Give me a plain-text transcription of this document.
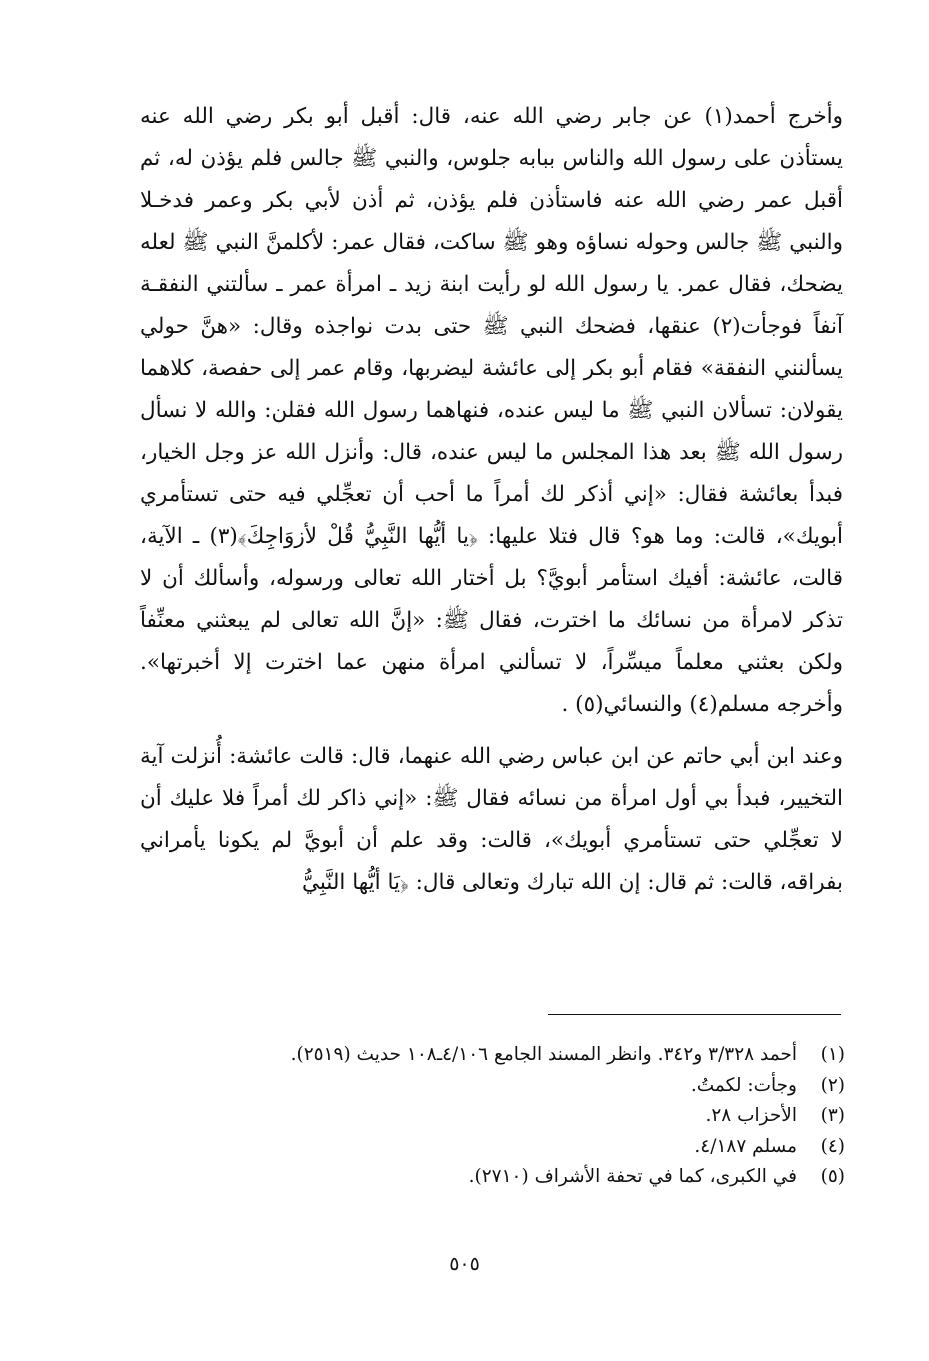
وأخرج أحمد(١) عن جابر رضي الله عنه، قال: أقبل أبو بكر رضي الله عنه يستأذن على رسول الله والناس ببابه جلوس، والنبي ﷺ جالس فلم يؤذن له، ثم أقبل عمر رضي الله عنه فاستأذن فلم يؤذن، ثم أذن لأبي بكر وعمر فدخـلا والنبي ﷺ جالس وحوله نساؤه وهو ﷺ ساكت، فقال عمر: لأكلمنَّ النبي ﷺ لعله يضحك، فقال عمر. يا رسول الله لو رأيت ابنة زيد ـ امرأة عمر ـ سألتني النفقـة آنفاً فوجأت(٢) عنقها، فضحك النبي ﷺ حتى بدت نواجذه وقال: «هنَّ حولي يسألنني النفقة» فقام أبو بكر إلى عائشة ليضربها، وقام عمر إلى حفصة، كلاهما يقولان: تسألان النبي ﷺ ما ليس عنده، فنهاهما رسول الله فقلن: والله لا نسأل رسول الله ﷺ بعد هذا المجلس ما ليس عنده، قال: وأنزل الله عز وجل الخيار، فبدأ بعائشة فقال: «إني أذكر لك أمراً ما أحب أن تعجِّلي فيه حتى تستأمري أبويك»، قالت: وما هو؟ قال فتلا عليها: ﴿يا أيُّها النَّبِيُّ قُلْ لأزوَاجِكَ﴾(٣) ـ الآية، قالت، عائشة: أفيك استأمر أبويَّ؟ بل أختار الله تعالى ورسوله، وأسألك أن لا تذكر لامرأة من نسائك ما اخترت، فقال ﷺ: «إنَّ الله تعالى لم يبعثني معنِّفاً ولكن بعثني معلماً ميسِّراً، لا تسألني امرأة منهن عما اخترت إلا أخبرتها». وأخرجه مسلم(٤) والنسائي(٥) .

وعند ابن أبي حاتم عن ابن عباس رضي الله عنهما، قال: قالت عائشة: أُنزلت آية التخيير، فبدأ بي أول امرأة من نسائه فقال ﷺ: «إني ذاكر لك أمراً فلا عليك أن لا تعجِّلي حتى تستأمري أبويك»، قالت: وقد علم أن أبويَّ لم يكونا يأمراني بفراقه، قالت: ثم قال: إن الله تبارك وتعالى قال: ﴿يَا أيُّها النَّبِيُّ

(١)
أحمد ٣/٣٢٨ و٣٤٢. وانظر المسند الجامع ٤/١٠٦ـ١٠٨ حديث (٢٥١٩).
(٢)
وجأت: لكمتُ.
(٣)
الأحزاب ٢٨.
(٤)
مسلم ٤/١٨٧.
(٥)
في الكبرى، كما في تحفة الأشراف (٢٧١٠).
٥٠٥
